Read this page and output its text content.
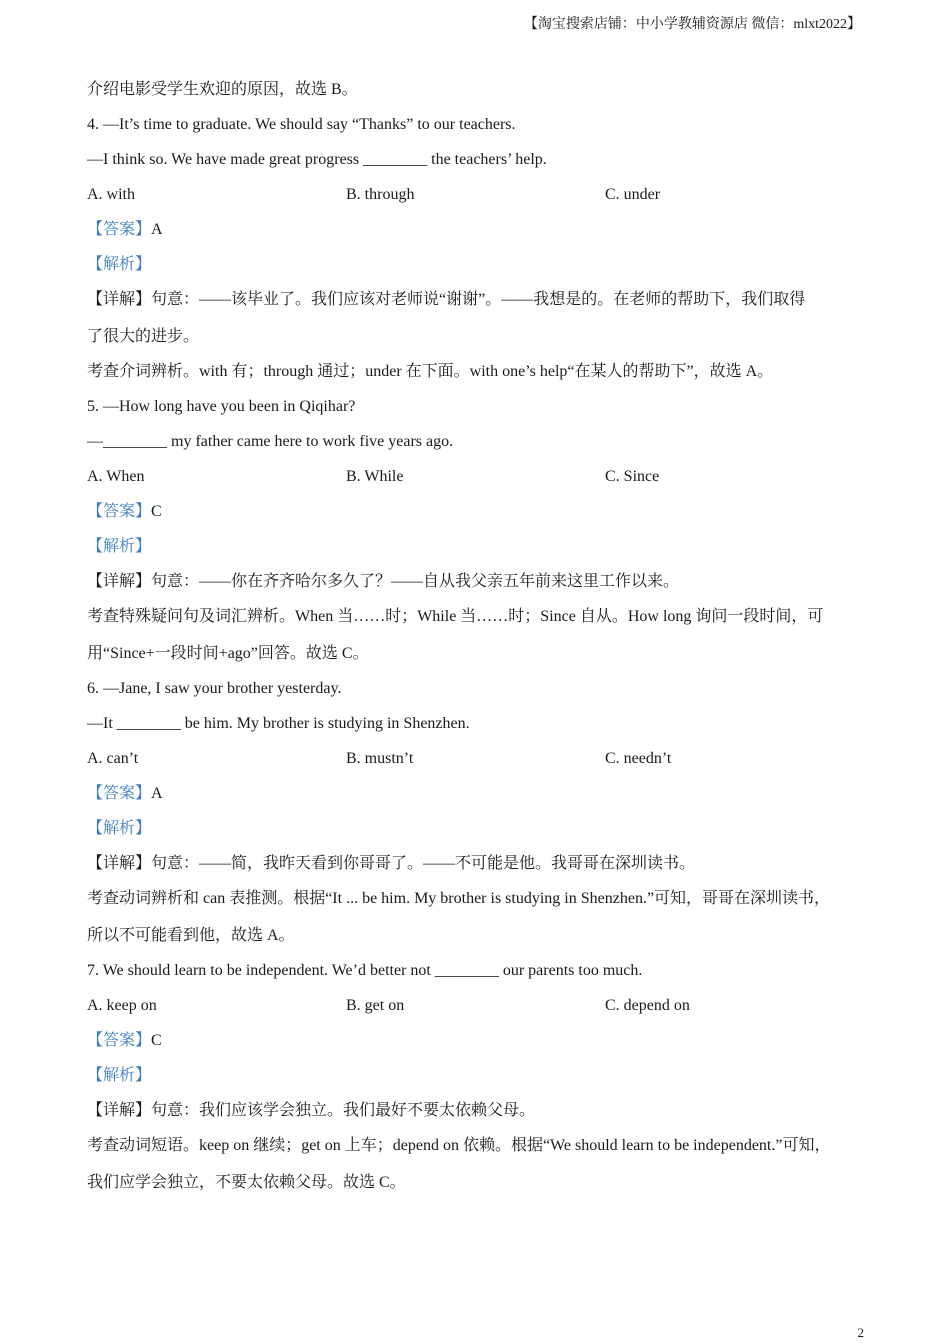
【淘宝搜索店铺：中小学教辅资源店 微信：mlxt2022】
介绍电影受学生欢迎的原因，故选 B。
4. —It’s time to graduate. We should say “Thanks” to our teachers.
—I think so. We have made great progress ________ the teachers’ help.
A. with	B. through	C. under
【答案】A
【解析】
【详解】句意：——该毕业了。我们应该对老师说“谢谢”。——我想是的。在老师的帮助下，我们取得
了很大的进步。
考查介词辨析。with 有；through 通过；under 在下面。with one’s help“在某人的帮助下”，故选 A。
5. —How long have you been in Qiqihar?
—________ my father came here to work five years ago.
A. When	B. While	C. Since
【答案】C
【解析】
【详解】句意：——你在齐齐哈尔多久了？——自从我父亲五年前来这里工作以来。
考查特殊疑问句及词汇辨析。When 当……时；While 当……时；Since 自从。How long 询问一段时间，可
用“Since+一段时间+ago”回答。故选 C。
6. —Jane, I saw your brother yesterday.
—It ________ be him. My brother is studying in Shenzhen.
A. can’t	B. mustn’t	C. needn’t
【答案】A
【解析】
【详解】句意：——简，我昨天看到你哥哥了。——不可能是他。我哥哥在深圳读书。
考查动词辨析和 can 表推测。根据“It ... be him. My brother is studying in Shenzhen.”可知，哥哥在深圳读书，
所以不可能看到他，故选 A。
7. We should learn to be independent. We’d better not ________ our parents too much.
A. keep on	B. get on	C. depend on
【答案】C
【解析】
【详解】句意：我们应该学会独立。我们最好不要太依赖父母。
考查动词短语。keep on 继续；get on 上车；depend on 依赖。根据“We should learn to be independent.”可知，
我们应学会独立，不要太依赖父母。故选 C。
2
